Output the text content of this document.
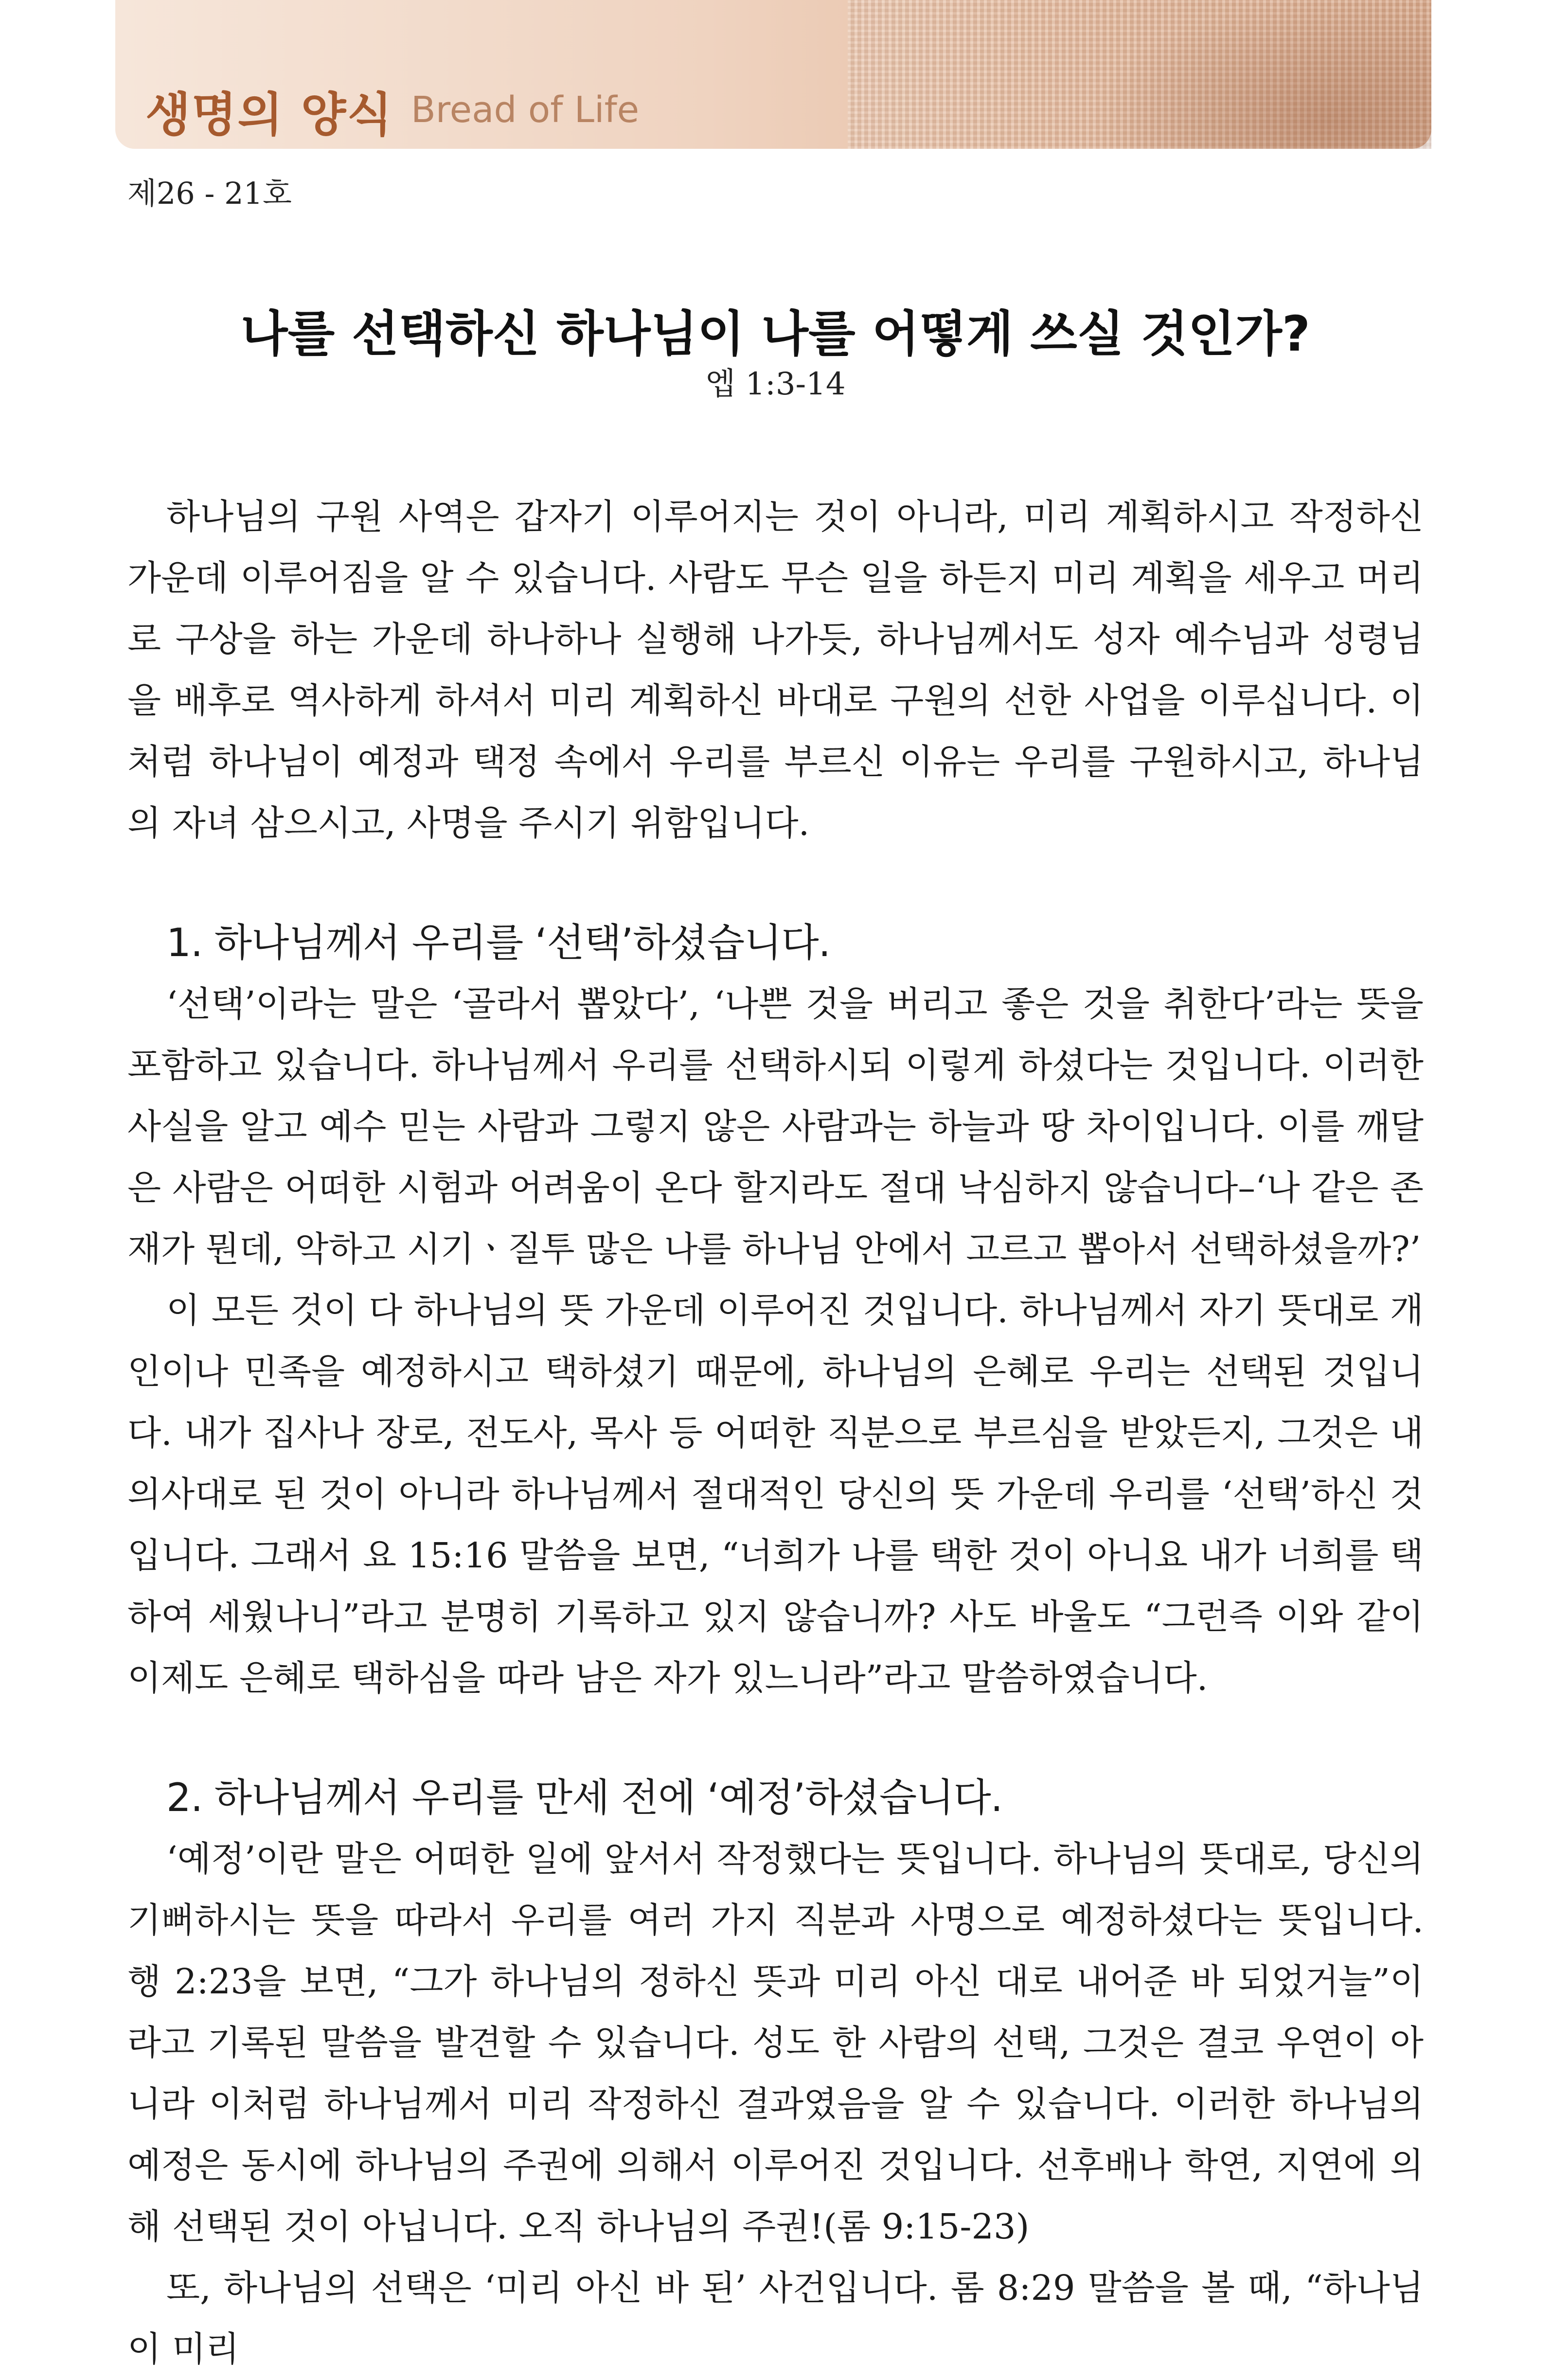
생명의 양식 Bread of Life
제26 - 21호
나를 선택하신 하나님이 나를 어떻게 쓰실 것인가?
엡 1:3-14

하나님의 구원 사역은 갑자기 이루어지는 것이 아니라, 미리 계획하시고 작정하신 가운데 이루어짐을 알 수 있습니다. 사람도 무슨 일을 하든지 미리 계획을 세우고 머리로 구상을 하는 가운데 하나하나 실행해 나가듯, 하나님께서도 성자 예수님과 성령님을 배후로 역사하게 하셔서 미리 계획하신 바대로 구원의 선한 사업을 이루십니다. 이처럼 하나님이 예정과 택정 속에서 우리를 부르신 이유는 우리를 구원하시고, 하나님의 자녀 삼으시고, 사명을 주시기 위함입니다.

1. 하나님께서 우리를 ‘선택’하셨습니다.

‘선택’이라는 말은 ‘골라서 뽑았다’, ‘나쁜 것을 버리고 좋은 것을 취한다’라는 뜻을 포함하고 있습니다. 하나님께서 우리를 선택하시되 이렇게 하셨다는 것입니다. 이러한 사실을 알고 예수 믿는 사람과 그렇지 않은 사람과는 하늘과 땅 차이입니다. 이를 깨달은 사람은 어떠한 시험과 어려움이 온다 할지라도 절대 낙심하지 않습니다–‘나 같은 존재가 뭔데, 악하고 시기ㆍ질투 많은 나를 하나님 안에서 고르고 뽑아서 선택하셨을까?’

이 모든 것이 다 하나님의 뜻 가운데 이루어진 것입니다. 하나님께서 자기 뜻대로 개인이나 민족을 예정하시고 택하셨기 때문에, 하나님의 은혜로 우리는 선택된 것입니다. 내가 집사나 장로, 전도사, 목사 등 어떠한 직분으로 부르심을 받았든지, 그것은 내 의사대로 된 것이 아니라 하나님께서 절대적인 당신의 뜻 가운데 우리를 ‘선택’하신 것입니다. 그래서 요 15:16 말씀을 보면, “너희가 나를 택한 것이 아니요 내가 너희를 택하여 세웠나니”라고 분명히 기록하고 있지 않습니까? 사도 바울도 “그런즉 이와 같이 이제도 은혜로 택하심을 따라 남은 자가 있느니라”라고 말씀하였습니다.

2. 하나님께서 우리를 만세 전에 ‘예정’하셨습니다.

‘예정’이란 말은 어떠한 일에 앞서서 작정했다는 뜻입니다. 하나님의 뜻대로, 당신의 기뻐하시는 뜻을 따라서 우리를 여러 가지 직분과 사명으로 예정하셨다는 뜻입니다. 행 2:23을 보면, “그가 하나님의 정하신 뜻과 미리 아신 대로 내어준 바 되었거늘”이라고 기록된 말씀을 발견할 수 있습니다. 성도 한 사람의 선택, 그것은 결코 우연이 아니라 이처럼 하나님께서 미리 작정하신 결과였음을 알 수 있습니다. 이러한 하나님의 예정은 동시에 하나님의 주권에 의해서 이루어진 것입니다. 선후배나 학연, 지연에 의해 선택된 것이 아닙니다. 오직 하나님의 주권!(롬 9:15-23)

또, 하나님의 선택은 ‘미리 아신 바 된’ 사건입니다. 롬 8:29 말씀을 볼 때, “하나님이 미리
